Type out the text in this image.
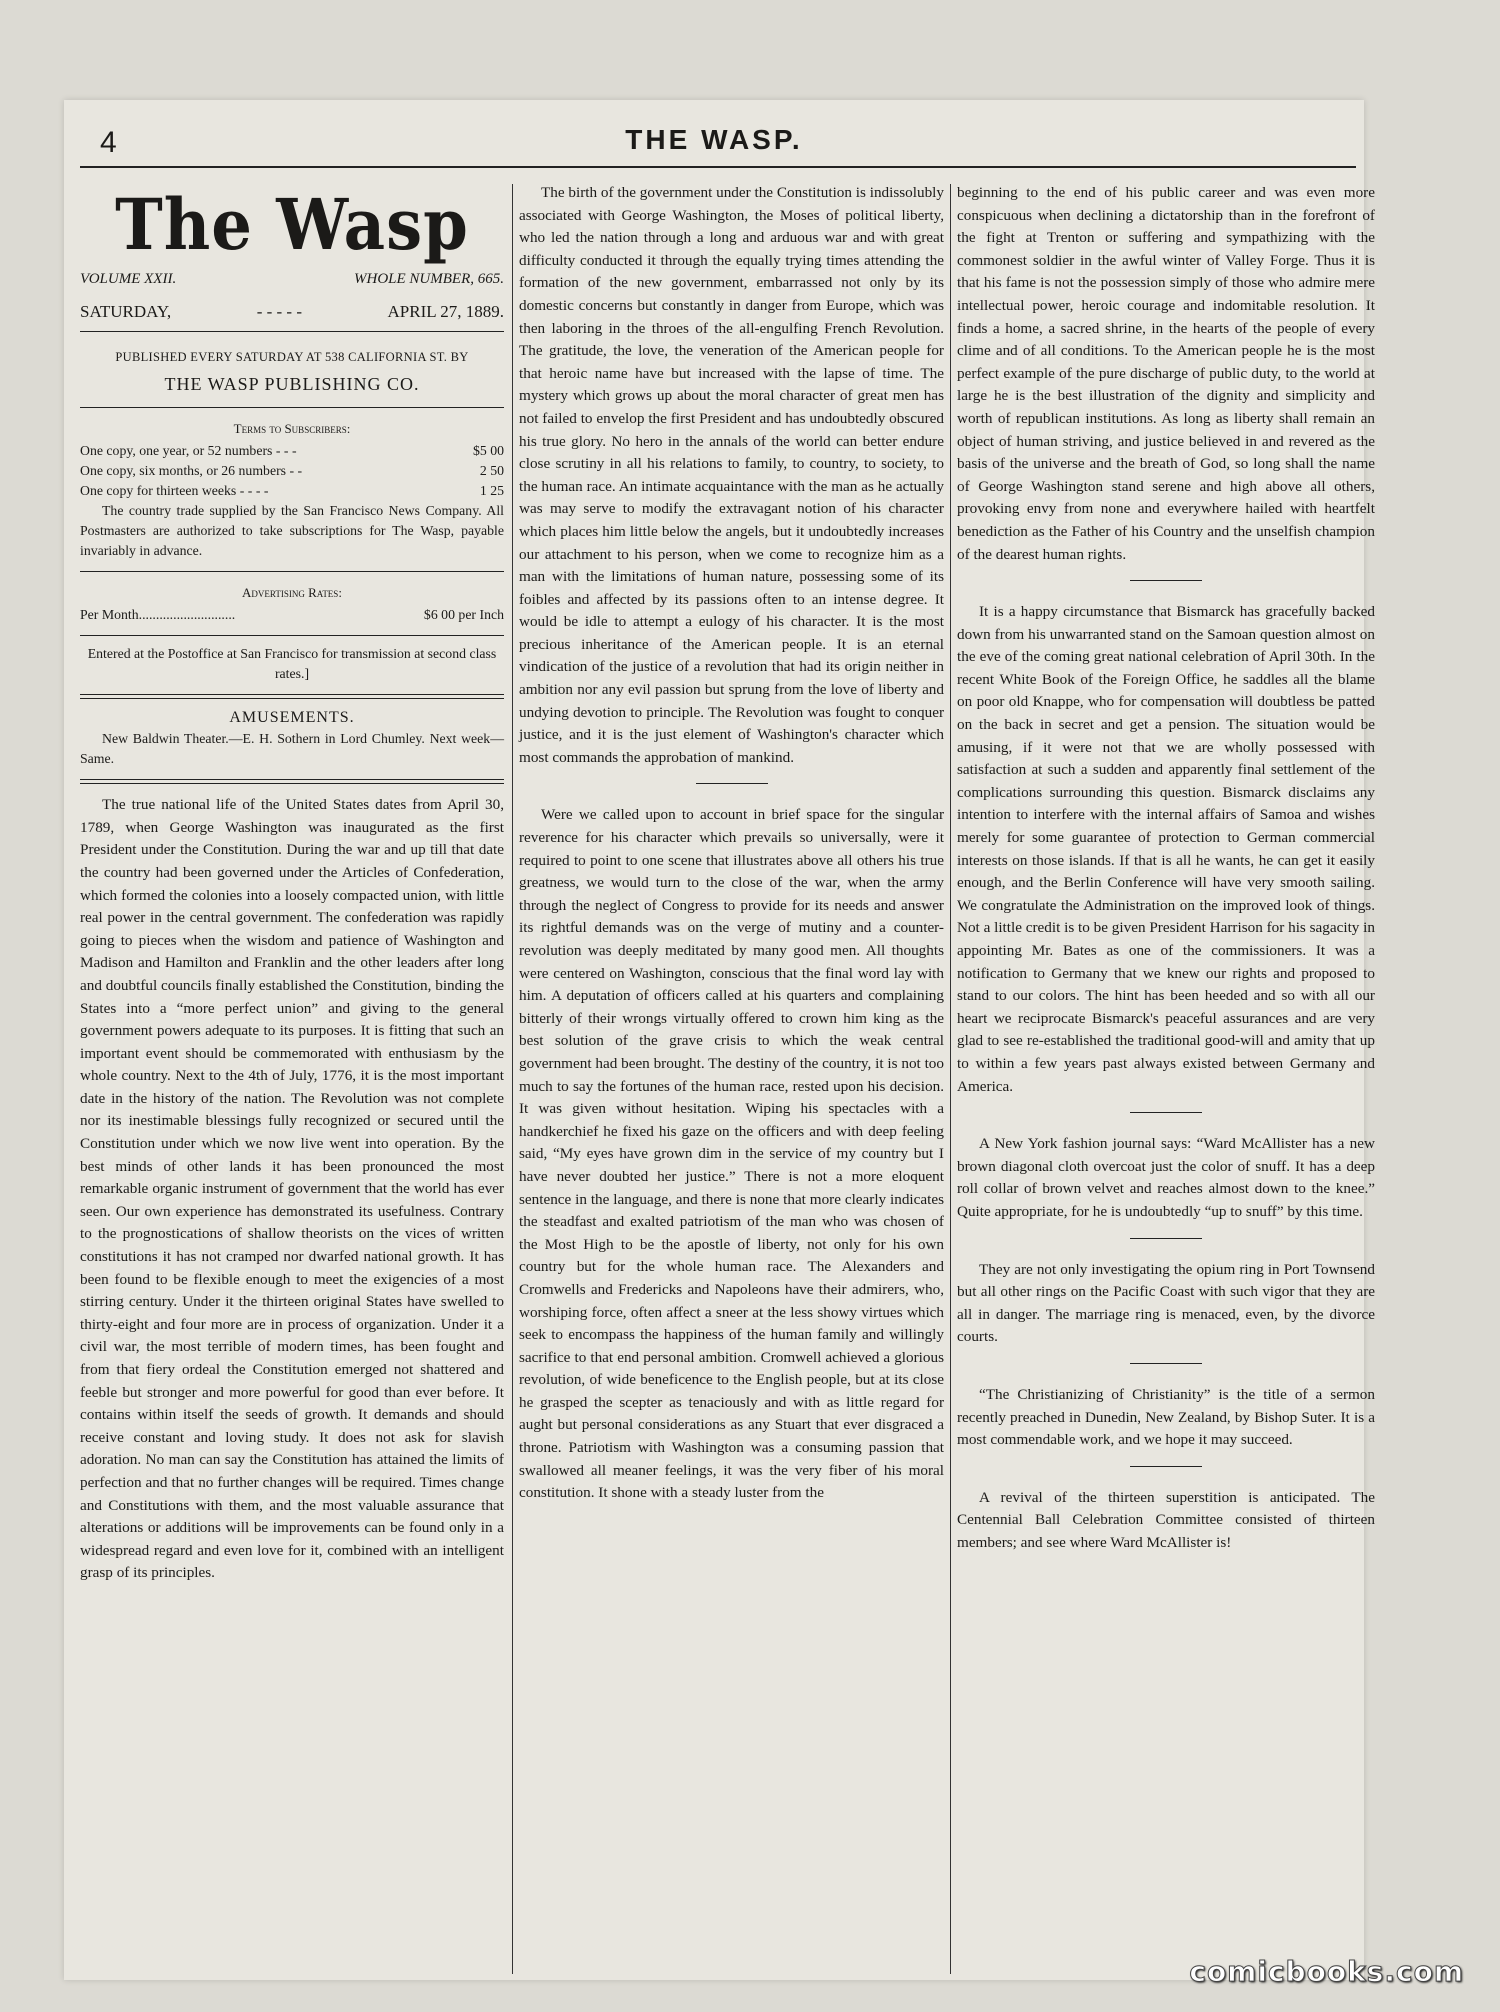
4	THE WASP.
The Wasp
VOLUME XXII.	WHOLE NUMBER, 665.
SATURDAY,	- - - - -	APRIL 27, 1889.
PUBLISHED EVERY SATURDAY AT 538 CALIFORNIA ST. BY
THE WASP PUBLISHING CO.
Terms to Subscribers:
One copy, one year, or 52 numbers - - -	$5 00
One copy, six months, or 26 numbers - -	2 50
One copy for thirteen weeks - - - -	1 25

The country trade supplied by the San Francisco News Company. All Postmasters are authorized to take subscriptions for The Wasp, payable invariably in advance.

Advertising Rates:
Per Month............................	$6 00 per Inch
Entered at the Postoffice at San Francisco for transmission at second class rates.]
AMUSEMENTS.

New Baldwin Theater.—E. H. Sothern in Lord Chumley. Next week—Same.

The true national life of the United States dates from April 30, 1789, when George Washington was inaugurated as the first President under the Constitution. During the war and up till that date the country had been governed under the Articles of Confederation, which formed the colonies into a loosely compacted union, with little real power in the central government. The confederation was rapidly going to pieces when the wisdom and patience of Washington and Madison and Hamilton and Franklin and the other leaders after long and doubtful councils finally established the Constitution, binding the States into a “more perfect union” and giving to the general government powers adequate to its purposes. It is fitting that such an important event should be commemorated with enthusiasm by the whole country. Next to the 4th of July, 1776, it is the most important date in the history of the nation. The Revolution was not complete nor its inestimable blessings fully recognized or secured until the Constitution under which we now live went into operation. By the best minds of other lands it has been pronounced the most remarkable organic instrument of government that the world has ever seen. Our own experience has demonstrated its usefulness. Contrary to the prognostications of shallow theorists on the vices of written constitutions it has not cramped nor dwarfed national growth. It has been found to be flexible enough to meet the exigencies of a most stirring century. Under it the thirteen original States have swelled to thirty-eight and four more are in process of organization. Under it a civil war, the most terrible of modern times, has been fought and from that fiery ordeal the Constitution emerged not shattered and feeble but stronger and more powerful for good than ever before. It contains within itself the seeds of growth. It demands and should receive constant and loving study. It does not ask for slavish adoration. No man can say the Constitution has attained the limits of perfection and that no further changes will be required. Times change and Constitutions with them, and the most valuable assurance that alterations or additions will be improvements can be found only in a widespread regard and even love for it, combined with an intelligent grasp of its principles.

The birth of the government under the Constitution is indissolubly associated with George Washington, the Moses of political liberty, who led the nation through a long and arduous war and with great difficulty conducted it through the equally trying times attending the formation of the new government, embarrassed not only by its domestic concerns but constantly in danger from Europe, which was then laboring in the throes of the all-engulfing French Revolution. The gratitude, the love, the veneration of the American people for that heroic name have but increased with the lapse of time. The mystery which grows up about the moral character of great men has not failed to envelop the first President and has undoubtedly obscured his true glory. No hero in the annals of the world can better endure close scrutiny in all his relations to family, to country, to society, to the human race. An intimate acquaintance with the man as he actually was may serve to modify the extravagant notion of his character which places him little below the angels, but it undoubtedly increases our attachment to his person, when we come to recognize him as a man with the limitations of human nature, possessing some of its foibles and affected by its passions often to an intense degree. It would be idle to attempt a eulogy of his character. It is the most precious inheritance of the American people. It is an eternal vindication of the justice of a revolution that had its origin neither in ambition nor any evil passion but sprung from the love of liberty and undying devotion to principle. The Revolution was fought to conquer justice, and it is the just element of Washington's character which most commands the approbation of mankind.

Were we called upon to account in brief space for the singular reverence for his character which prevails so universally, were it required to point to one scene that illustrates above all others his true greatness, we would turn to the close of the war, when the army through the neglect of Congress to provide for its needs and answer its rightful demands was on the verge of mutiny and a counter-revolution was deeply meditated by many good men. All thoughts were centered on Washington, conscious that the final word lay with him. A deputation of officers called at his quarters and complaining bitterly of their wrongs virtually offered to crown him king as the best solution of the grave crisis to which the weak central government had been brought. The destiny of the country, it is not too much to say the fortunes of the human race, rested upon his decision. It was given without hesitation. Wiping his spectacles with a handkerchief he fixed his gaze on the officers and with deep feeling said, “My eyes have grown dim in the service of my country but I have never doubted her justice.” There is not a more eloquent sentence in the language, and there is none that more clearly indicates the steadfast and exalted patriotism of the man who was chosen of the Most High to be the apostle of liberty, not only for his own country but for the whole human race. The Alexanders and Cromwells and Fredericks and Napoleons have their admirers, who, worshiping force, often affect a sneer at the less showy virtues which seek to encompass the happiness of the human family and willingly sacrifice to that end personal ambition. Cromwell achieved a glorious revolution, of wide beneficence to the English people, but at its close he grasped the scepter as tenaciously and with as little regard for aught but personal considerations as any Stuart that ever disgraced a throne. Patriotism with Washington was a consuming passion that swallowed all meaner feelings, it was the very fiber of his moral constitution. It shone with a steady luster from the

beginning to the end of his public career and was even more conspicuous when declining a dictatorship than in the forefront of the fight at Trenton or suffering and sympathizing with the commonest soldier in the awful winter of Valley Forge. Thus it is that his fame is not the possession simply of those who admire mere intellectual power, heroic courage and indomitable resolution. It finds a home, a sacred shrine, in the hearts of the people of every clime and of all conditions. To the American people he is the most perfect example of the pure discharge of public duty, to the world at large he is the best illustration of the dignity and simplicity and worth of republican institutions. As long as liberty shall remain an object of human striving, and justice believed in and revered as the basis of the universe and the breath of God, so long shall the name of George Washington stand serene and high above all others, provoking envy from none and everywhere hailed with heartfelt benediction as the Father of his Country and the unselfish champion of the dearest human rights.

It is a happy circumstance that Bismarck has gracefully backed down from his unwarranted stand on the Samoan question almost on the eve of the coming great national celebration of April 30th. In the recent White Book of the Foreign Office, he saddles all the blame on poor old Knappe, who for compensation will doubtless be patted on the back in secret and get a pension. The situation would be amusing, if it were not that we are wholly possessed with satisfaction at such a sudden and apparently final settlement of the complications surrounding this question. Bismarck disclaims any intention to interfere with the internal affairs of Samoa and wishes merely for some guarantee of protection to German commercial interests on those islands. If that is all he wants, he can get it easily enough, and the Berlin Conference will have very smooth sailing. We congratulate the Administration on the improved look of things. Not a little credit is to be given President Harrison for his sagacity in appointing Mr. Bates as one of the commissioners. It was a notification to Germany that we knew our rights and proposed to stand to our colors. The hint has been heeded and so with all our heart we reciprocate Bismarck's peaceful assurances and are very glad to see re-established the traditional good-will and amity that up to within a few years past always existed between Germany and America.

A New York fashion journal says: “Ward McAllister has a new brown diagonal cloth overcoat just the color of snuff. It has a deep roll collar of brown velvet and reaches almost down to the knee.” Quite appropriate, for he is undoubtedly “up to snuff” by this time.

They are not only investigating the opium ring in Port Townsend but all other rings on the Pacific Coast with such vigor that they are all in danger. The marriage ring is menaced, even, by the divorce courts.

“The Christianizing of Christianity” is the title of a sermon recently preached in Dunedin, New Zealand, by Bishop Suter. It is a most commendable work, and we hope it may succeed.

A revival of the thirteen superstition is anticipated. The Centennial Ball Celebration Committee consisted of thirteen members; and see where Ward McAllister is!

comicbooks.com
